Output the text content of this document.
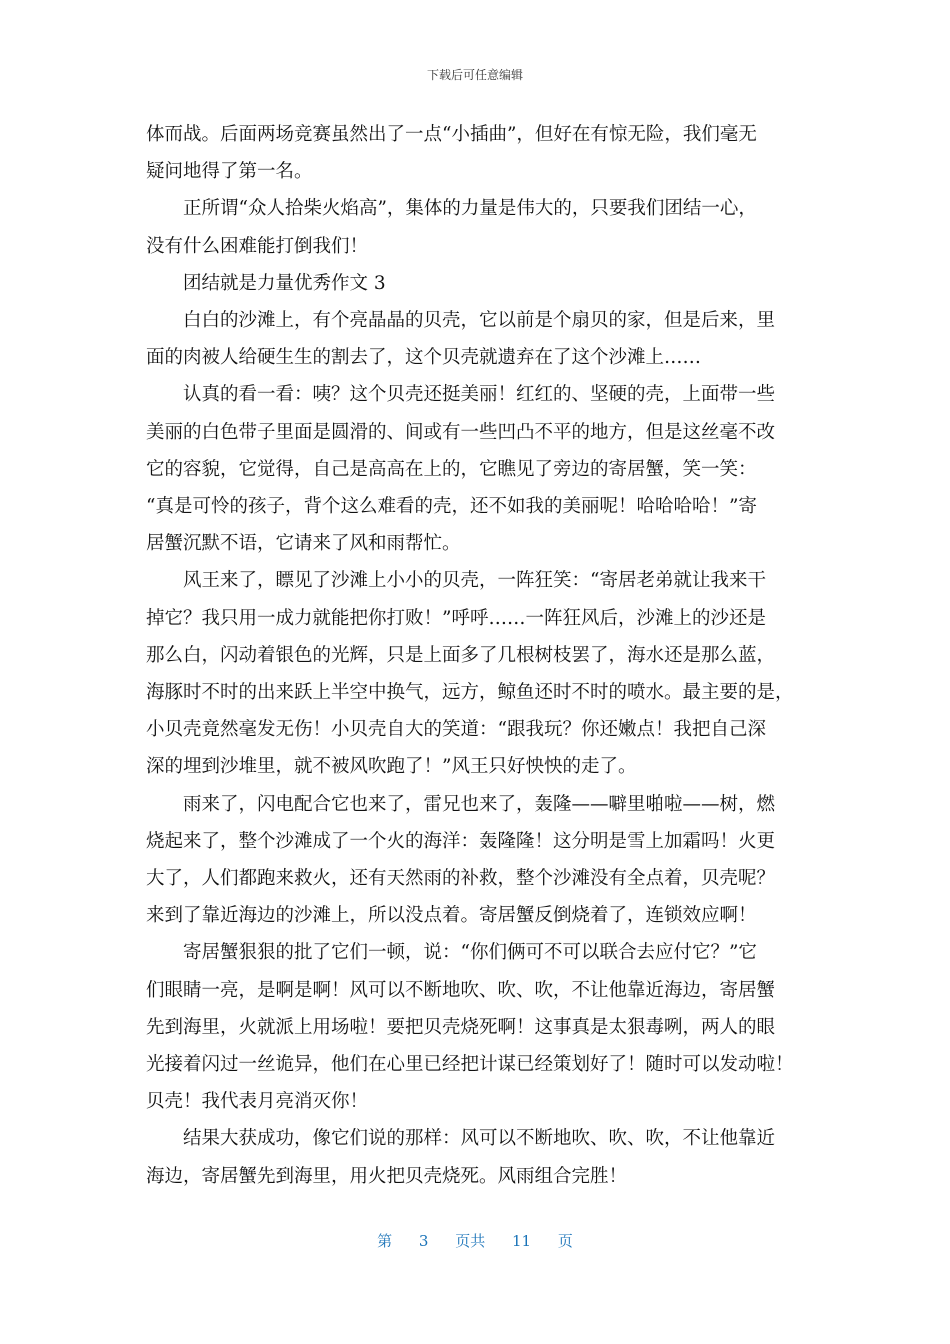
下载后可任意编辑

体而战。后面两场竞赛虽然出了一点“小插曲”，但好在有惊无险，我们毫无
疑问地得了第一名。

正所谓“众人拾柴火焰高”，集体的力量是伟大的，只要我们团结一心，
没有什么困难能打倒我们！

团结就是力量优秀作文 3

白白的沙滩上，有个亮晶晶的贝壳，它以前是个扇贝的家，但是后来，里
面的肉被人给硬生生的割去了，这个贝壳就遗弃在了这个沙滩上……

认真的看一看：咦？这个贝壳还挺美丽！红红的、坚硬的壳，上面带一些
美丽的白色带子里面是圆滑的、间或有一些凹凸不平的地方，但是这丝毫不改
它的容貌，它觉得，自己是高高在上的，它瞧见了旁边的寄居蟹，笑一笑：
“真是可怜的孩子，背个这么难看的壳，还不如我的美丽呢！哈哈哈哈！”寄
居蟹沉默不语，它请来了风和雨帮忙。

风王来了，瞟见了沙滩上小小的贝壳，一阵狂笑：“寄居老弟就让我来干
掉它？我只用一成力就能把你打败！”呼呼……一阵狂风后，沙滩上的沙还是
那么白，闪动着银色的光辉，只是上面多了几根树枝罢了，海水还是那么蓝，
海豚时不时的出来跃上半空中换气，远方，鲸鱼还时不时的喷水。最主要的是，
小贝壳竟然毫发无伤！小贝壳自大的笑道：“跟我玩？你还嫩点！我把自己深
深的埋到沙堆里，就不被风吹跑了！”风王只好怏怏的走了。

雨来了，闪电配合它也来了，雷兄也来了，轰隆——噼里啪啦——树，燃
烧起来了，整个沙滩成了一个火的海洋：轰隆隆！这分明是雪上加霜吗！火更
大了，人们都跑来救火，还有天然雨的补救，整个沙滩没有全点着，贝壳呢？
来到了靠近海边的沙滩上，所以没点着。寄居蟹反倒烧着了，连锁效应啊！

寄居蟹狠狠的批了它们一顿，说：“你们俩可不可以联合去应付它？”它
们眼睛一亮，是啊是啊！风可以不断地吹、吹、吹，不让他靠近海边，寄居蟹
先到海里，火就派上用场啦！要把贝壳烧死啊！这事真是太狠毒咧，两人的眼
光接着闪过一丝诡异，他们在心里已经把计谋已经策划好了！随时可以发动啦！
贝壳！我代表月亮消灭你！

结果大获成功，像它们说的那样：风可以不断地吹、吹、吹，不让他靠近
海边，寄居蟹先到海里，用火把贝壳烧死。风雨组合完胜！

第 3 页共 11 页
